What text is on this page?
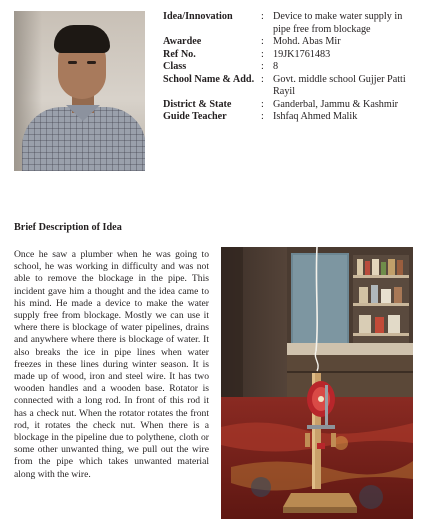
Idea/Innovation	: Device to make water supply in pipe free from blockage
Awardee	: Mohd. Abas Mir
Ref No.	: 19JK1761483
Class	: 8
School Name & Add. : Govt. middle school Gujjer Patti Rayil
District & State	: Ganderbal, Jammu & Kashmir
Guide Teacher	: Ishfaq Ahmed Malik
Brief Description of Idea
Once he saw a plumber when he was going to school, he was working in difficulty and was not able to remove the blockage in the pipe. This incident gave him a thought and the idea came to his mind. He made a device to make the water supply free from blockage. Mostly we can use it where there is blockage of water pipelines, drains and anywhere where there is blockage of water. It also breaks the ice in pipe lines when water freezes in these lines during winter season. It is made up of wood, iron and steel wire. It has two wooden handles and a wooden base. Rotator is connected with a long rod. In front of this rod it has a check nut. When the rotator rotates the front rod, it rotates the check nut. When there is a blockage in the pipeline due to polythene, cloth or some other unwanted thing, we pull out the wire from the pipe which takes unwanted material along with the wire.
